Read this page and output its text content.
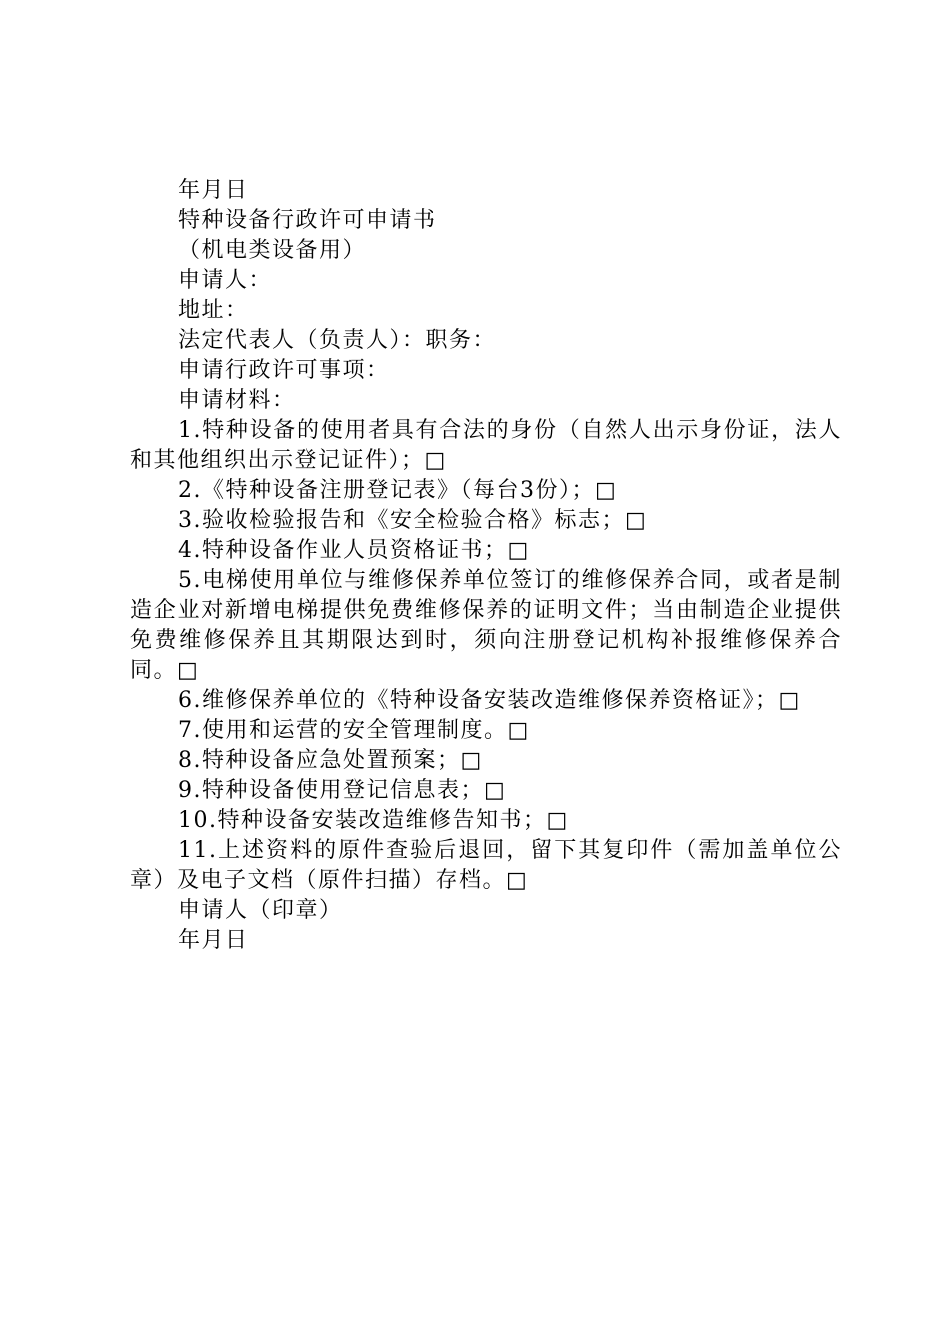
年月日

特种设备行政许可申请书

（机电类设备用）

申请人：

地址：

法定代表人（负责人）：职务：

申请行政许可事项：

申请材料：

1.特种设备的使用者具有合法的身份（自然人出示身份证，法人和其他组织出示登记证件）；□

2.《特种设备注册登记表》（每台3份）；□

3.验收检验报告和《安全检验合格》标志；□

4.特种设备作业人员资格证书；□

5.电梯使用单位与维修保养单位签订的维修保养合同，或者是制造企业对新增电梯提供免费维修保养的证明文件；当由制造企业提供免费维修保养且其期限达到时，须向注册登记机构补报维修保养合同。□

6.维修保养单位的《特种设备安装改造维修保养资格证》；□

7.使用和运营的安全管理制度。□

8.特种设备应急处置预案；□

9.特种设备使用登记信息表；□

10.特种设备安装改造维修告知书；□

11.上述资料的原件查验后退回，留下其复印件（需加盖单位公章）及电子文档（原件扫描）存档。□

申请人（印章）

年月日
